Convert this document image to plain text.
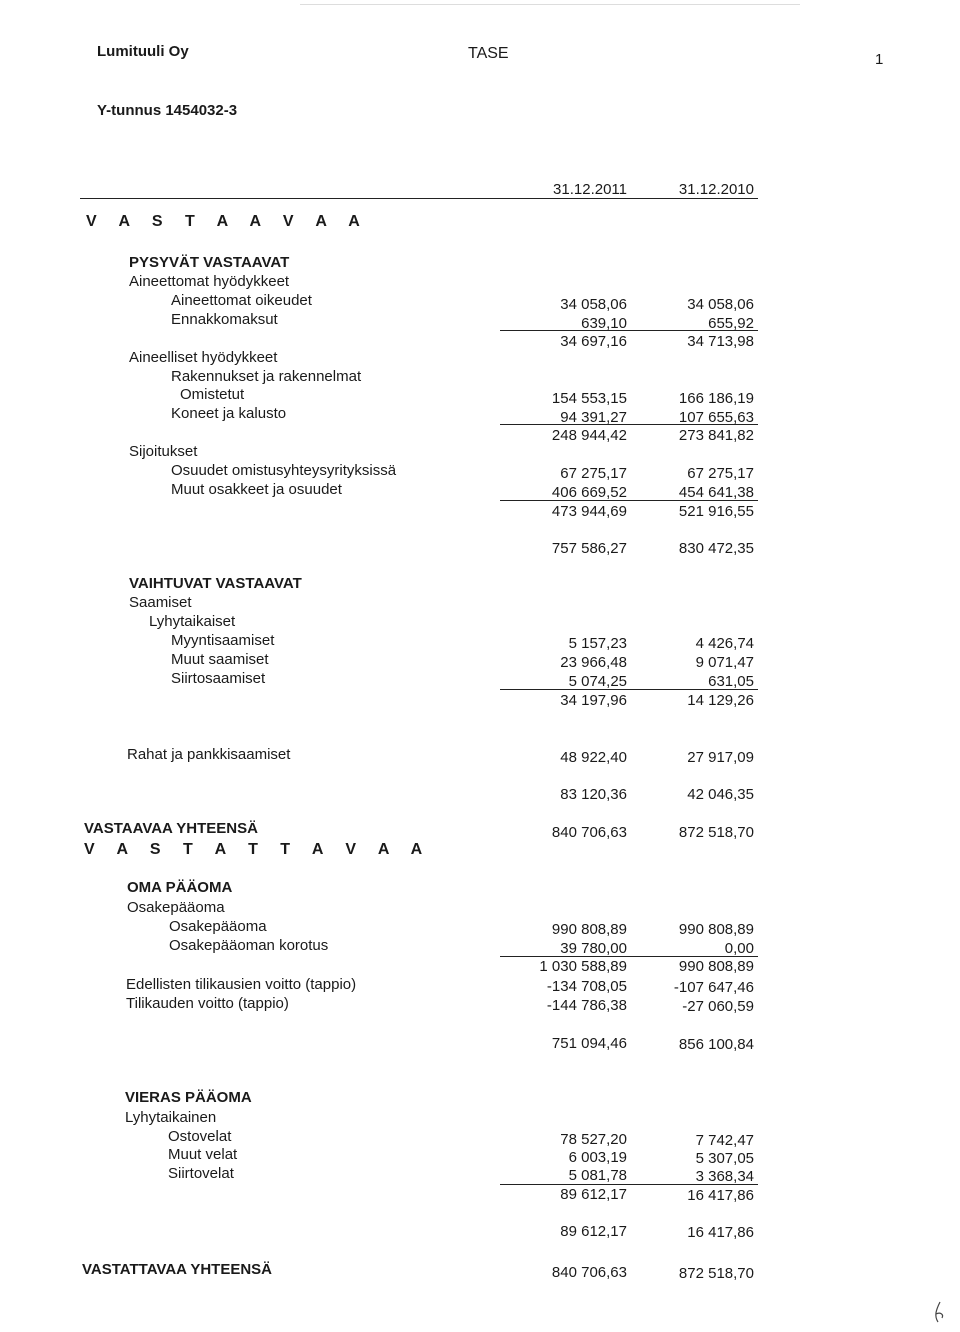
Lumituuli Oy	TASE	1
Y-tunnus 1454032-3
31.12.2011	31.12.2010
V A S T A A V A A
PYSYVÄT VASTAAVAT
Aineettomat hyödykkeet
Aineettomat oikeudet	34 058,06	34 058,06
Ennakkomaksut	639,10	655,92
34 697,16	34 713,98
Aineelliset hyödykkeet
Rakennukset ja rakennelmat
Omistetut	154 553,15	166 186,19
Koneet ja kalusto	94 391,27	107 655,63
248 944,42	273 841,82
Sijoitukset
Osuudet omistusyhteysyrityksissä	67 275,17	67 275,17
Muut osakkeet ja osuudet	406 669,52	454 641,38
473 944,69	521 916,55
757 586,27	830 472,35
VAIHTUVAT VASTAAVAT
Saamiset
Lyhytaikaiset
Myyntisaamiset	5 157,23	4 426,74
Muut saamiset	23 966,48	9 071,47
Siirtosaamiset	5 074,25	631,05
34 197,96	14 129,26
Rahat ja pankkisaamiset	48 922,40	27 917,09
83 120,36	42 046,35
VASTAAVAA YHTEENSÄ	840 706,63	872 518,70
V A S T A T T A V A A
OMA PÄÄOMA
Osakepääoma
Osakepääoma	990 808,89	990 808,89
Osakepääoman korotus	39 780,00	0,00
1 030 588,89	990 808,89
Edellisten tilikausien voitto (tappio)	-134 708,05	-107 647,46
Tilikauden voitto (tappio)	-144 786,38	-27 060,59
751 094,46	856 100,84
VIERAS PÄÄOMA
Lyhytaikainen
Ostovelat	78 527,20	7 742,47
Muut velat	6 003,19	5 307,05
Siirtovelat	5 081,78	3 368,34
89 612,17	16 417,86
89 612,17	16 417,86
VASTATTAVAA YHTEENSÄ	840 706,63	872 518,70
